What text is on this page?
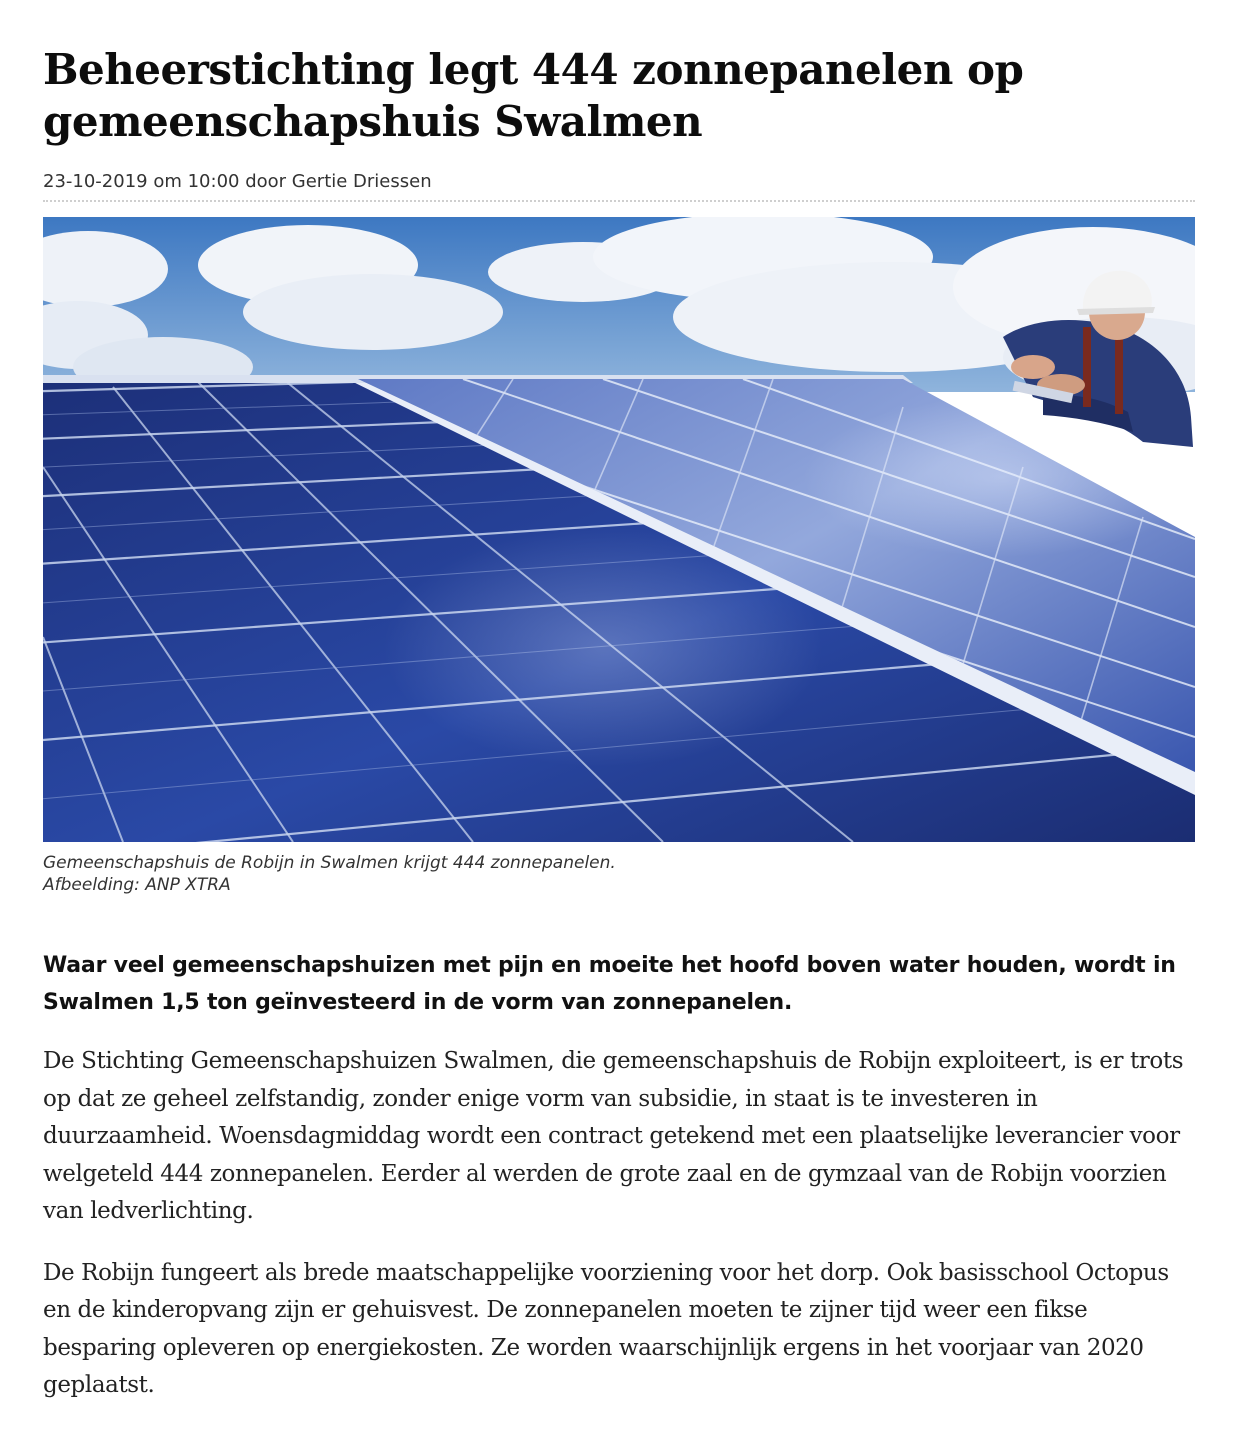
Beheerstichting legt 444 zonnepanelen op gemeenschapshuis Swalmen
23-10-2019 om 10:00 door Gertie Driessen
Gemeenschapshuis de Robijn in Swalmen krijgt 444 zonnepanelen.
Afbeelding: ANP XTRA

Waar veel gemeenschapshuizen met pijn en moeite het hoofd boven water houden, wordt in Swalmen 1,5 ton geïnvesteerd in de vorm van zonnepanelen.

De Stichting Gemeenschapshuizen Swalmen, die gemeenschapshuis de Robijn exploiteert, is er trots op dat ze geheel zelfstandig, zonder enige vorm van subsidie, in staat is te investeren in duurzaamheid. Woensdagmiddag wordt een contract getekend met een plaatselijke leverancier voor welgeteld 444 zonnepanelen. Eerder al werden de grote zaal en de gymzaal van de Robijn voorzien van ledverlichting.

De Robijn fungeert als brede maatschappelijke voorziening voor het dorp. Ook basisschool Octopus en de kinderopvang zijn er gehuisvest. De zonnepanelen moeten te zijner tijd weer een fikse besparing opleveren op energiekosten. Ze worden waarschijnlijk ergens in het voorjaar van 2020 geplaatst.
